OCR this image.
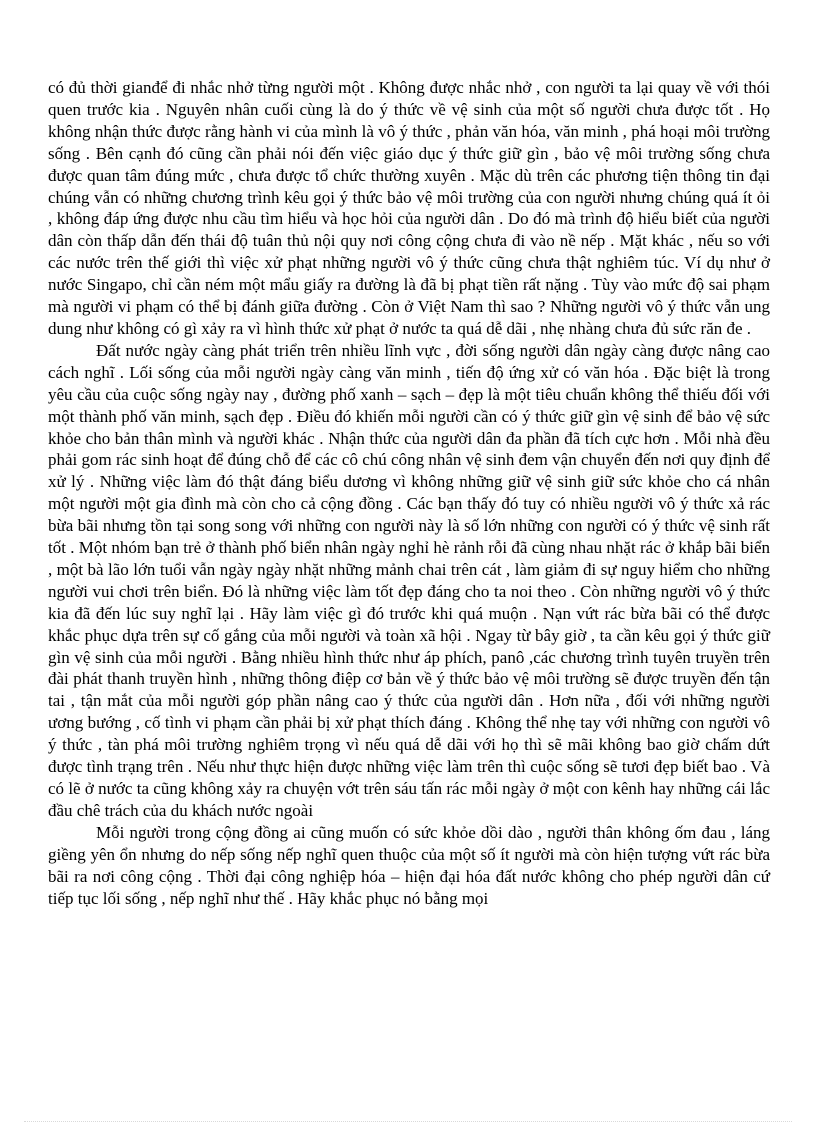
có đủ thời gianđể đi nhắc nhở từng người một . Không được nhắc nhở , con người ta lại quay về với thói quen trước kia . Nguyên nhân cuối cùng là do ý thức về vệ sinh của một số người chưa được tốt . Họ không nhận thức được rằng hành vi của mình là vô ý thức , phản văn hóa, văn minh , phá hoại môi trường sống . Bên cạnh đó cũng cần phải nói đến việc giáo dục ý thức giữ gìn , bảo vệ môi trường sống chưa được quan tâm đúng mức , chưa được tổ chức thường xuyên . Mặc dù trên các phương tiện thông tin đại chúng vẫn có những chương trình kêu gọi ý thức bảo vệ môi trường của con người nhưng chúng quá ít ỏi , không đáp ứng được nhu cầu tìm hiểu và học hỏi của người dân . Do đó mà trình độ hiểu biết của người dân còn thấp dẫn đến thái độ tuân thủ nội quy nơi công cộng chưa đi vào nề nếp . Mặt khác , nếu so với các nước trên thế giới thì việc xử phạt những người vô ý thức cũng chưa thật nghiêm túc. Ví dụ như ở nước Singapo, chỉ cần ném một mẩu giấy ra đường là đã bị phạt tiền rất nặng . Tùy vào mức độ sai phạm mà người vi phạm có thể bị đánh giữa đường . Còn ở Việt Nam thì sao ? Những người vô ý thức vẫn ung dung như không có gì xảy ra vì hình thức xử phạt ở nước ta quá dễ dãi , nhẹ nhàng chưa đủ sức răn đe .

Đất nước ngày càng phát triển trên nhiều lĩnh vực , đời sống người dân ngày càng được nâng cao cách nghĩ . Lối sống của mỗi người ngày càng văn minh , tiến độ ứng xử có văn hóa . Đặc biệt là trong yêu cầu của cuộc sống ngày nay , đường phố xanh – sạch – đẹp là một tiêu chuẩn không thể thiếu đối với một thành phố văn minh, sạch đẹp . Điều đó khiến mỗi người cần có ý thức giữ gìn vệ sinh để bảo vệ sức khỏe cho bản thân mình và người khác . Nhận thức của người dân đa phần đã tích cực hơn . Mỗi nhà đều phải gom rác sinh hoạt để đúng chỗ để các cô chú công nhân vệ sinh đem vận chuyển đến nơi quy định để xử lý . Những việc làm đó thật đáng biểu dương vì không những giữ vệ sinh giữ sức khỏe cho cá nhân một người một gia đình mà còn cho cả cộng đồng . Các bạn thấy đó tuy có nhiều người vô ý thức xả rác bừa bãi nhưng tồn tại song song với những con người này là số lớn những con người có ý thức vệ sinh rất tốt . Một nhóm bạn trẻ ở thành phố biển nhân ngày nghỉ hè rảnh rỗi đã cùng nhau nhặt rác ở khắp bãi biển , một bà lão lớn tuổi vẫn ngày ngày nhặt những mảnh chai trên cát , làm giảm đi sự nguy hiểm cho những người vui chơi trên biển. Đó là những việc làm tốt đẹp đáng cho ta noi theo . Còn những người vô ý thức kia đã đến lúc suy nghĩ lại . Hãy làm việc gì đó trước khi quá muộn . Nạn vứt rác bừa bãi có thể được khắc phục dựa trên sự cố gắng của mỗi người và toàn xã hội . Ngay từ bây giờ , ta cần kêu gọi ý thức giữ gìn vệ sinh của mỗi người . Bằng nhiều hình thức như áp phích, panô ,các chương trình tuyên truyền trên đài phát thanh truyền hình , những thông điệp cơ bản về ý thức bảo vệ môi trường sẽ được truyền đến tận tai , tận mắt của mỗi người góp phần nâng cao ý thức của người dân . Hơn nữa , đối với những người ương bướng , cố tình vi phạm cần phải bị xử phạt thích đáng . Không thể nhẹ tay với những con người vô ý thức , tàn phá môi trường nghiêm trọng vì nếu quá dễ dãi với họ thì sẽ mãi không bao giờ chấm dứt được tình trạng trên . Nếu như thực hiện được những việc làm trên thì cuộc sống sẽ tươi đẹp biết bao . Và có lẽ ở nước ta cũng không xảy ra chuyện vớt trên sáu tấn rác mỗi ngày ở một con kênh hay những cái lắc đầu chê trách của du khách nước ngoài

Mỗi người trong cộng đồng ai cũng muốn có sức khỏe dồi dào , người thân không ốm đau , láng giềng yên ổn nhưng do nếp sống nếp nghĩ quen thuộc của một số ít người mà còn hiện tượng vứt rác bừa bãi ra nơi công cộng . Thời đại công nghiệp hóa – hiện đại hóa đất nước không cho phép người dân cứ tiếp tục lối sống , nếp nghĩ như thế . Hãy khắc phục nó bằng mọi
